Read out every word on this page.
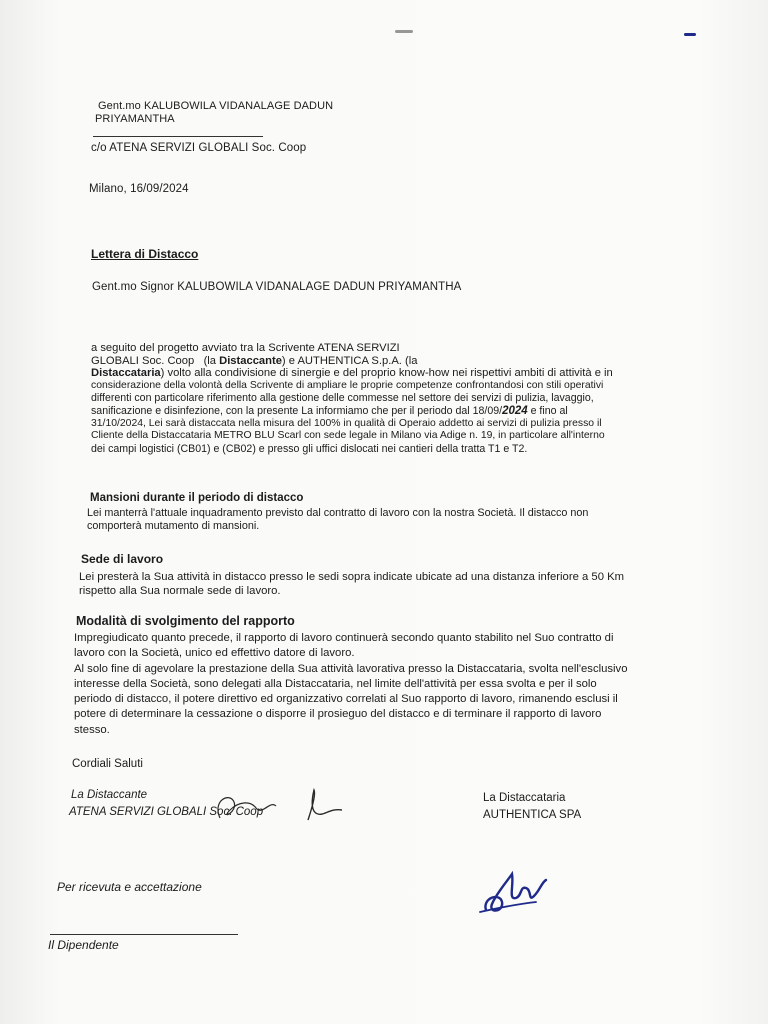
Gent.mo KALUBOWILA VIDANALAGE DADUN
PRIYAMANTHA
c/o ATENA SERVIZI GLOBALI Soc. Coop
Milano, 16/09/2024
Lettera di Distacco
Gent.mo Signor KALUBOWILA VIDANALAGE DADUN PRIYAMANTHA
a seguito del progetto avviato tra la Scrivente ATENA SERVIZI
GLOBALI Soc. Coop (la Distaccante) e AUTHENTICA S.p.A. (la
Distaccataria) volto alla condivisione di sinergie e del proprio know-how nei rispettivi ambiti di attività e in
considerazione della volontà della Scrivente di ampliare le proprie competenze confrontandosi con stili operativi
differenti con particolare riferimento alla gestione delle commesse nel settore dei servizi di pulizia, lavaggio,
sanificazione e disinfezione, con la presente La informiamo che per il periodo dal 18/09/2024 e fino al
31/10/2024, Lei sarà distaccata nella misura del 100% in qualità di Operaio addetto ai servizi di pulizia presso il
Cliente della Distaccataria METRO BLU Scarl con sede legale in Milano via Adige n. 19, in particolare all'interno
dei campi logistici (CB01) e (CB02) e presso gli uffici dislocati nei cantieri della tratta T1 e T2.
Mansioni durante il periodo di distacco
Lei manterrà l'attuale inquadramento previsto dal contratto di lavoro con la nostra Società. Il distacco non
comporterà mutamento di mansioni.
Sede di lavoro
Lei presterà la Sua attività in distacco presso le sedi sopra indicate ubicate ad una distanza inferiore a 50 Km
rispetto alla Sua normale sede di lavoro.
Modalità di svolgimento del rapporto
Impregiudicato quanto precede, il rapporto di lavoro continuerà secondo quanto stabilito nel Suo contratto di
lavoro con la Società, unico ed effettivo datore di lavoro.
Al solo fine di agevolare la prestazione della Sua attività lavorativa presso la Distaccataria, svolta nell'esclusivo
interesse della Società, sono delegati alla Distaccataria, nel limite dell'attività per essa svolta e per il solo
periodo di distacco, il potere direttivo ed organizzativo correlati al Suo rapporto di lavoro, rimanendo esclusi il
potere di determinare la cessazione o disporre il prosieguo del distacco e di terminare il rapporto di lavoro
stesso.
Cordiali Saluti
La Distaccante
ATENA SERVIZI GLOBALI Soc. Coop
La Distaccataria
AUTHENTICA SPA
Per ricevuta e accettazione
Il Dipendente
